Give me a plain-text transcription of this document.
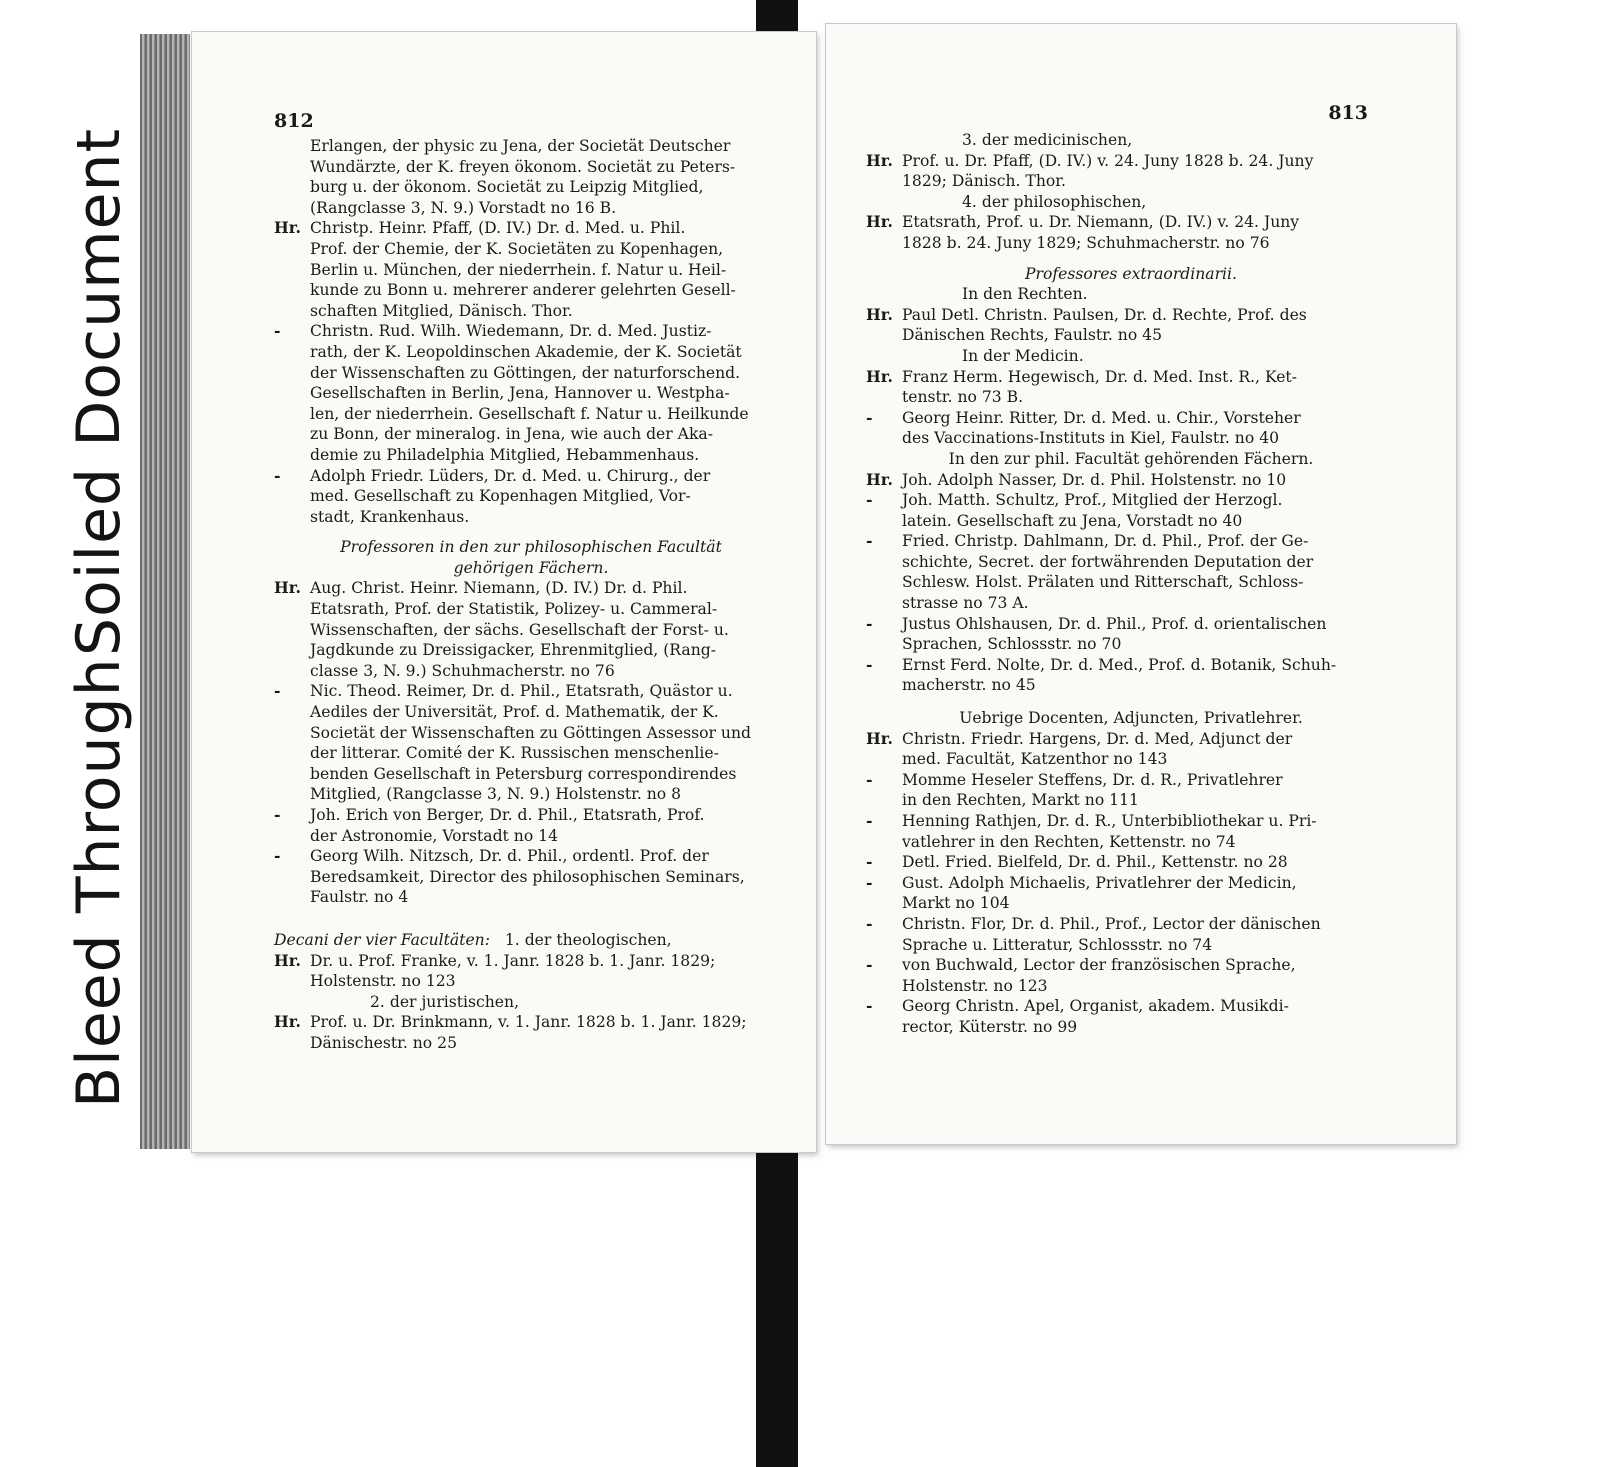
Bleed Through
Soiled Document
812
Erlangen, der physic zu Jena, der Societät Deutscher
Wundärzte, der K. freyen ökonom. Societät zu Peters-
burg u. der ökonom. Societät zu Leipzig Mitglied,
(Rangclasse 3, N. 9.) Vorstadt no 16 B.
Hr. Christp. Heinr. Pfaff, (D. IV.) Dr. d. Med. u. Phil.
Prof. der Chemie, der K. Societäten zu Kopenhagen,
Berlin u. München, der niederrhein. f. Natur u. Heil-
kunde zu Bonn u. mehrerer anderer gelehrten Gesell-
schaften Mitglied, Dänisch. Thor.
- Christn. Rud. Wilh. Wiedemann, Dr. d. Med. Justiz-
rath, der K. Leopoldinschen Akademie, der K. Societät
der Wissenschaften zu Göttingen, der naturforschend.
Gesellschaften in Berlin, Jena, Hannover u. Westpha-
len, der niederrhein. Gesellschaft f. Natur u. Heilkunde
zu Bonn, der mineralog. in Jena, wie auch der Aka-
demie zu Philadelphia Mitglied, Hebammenhaus.
- Adolph Friedr. Lüders, Dr. d. Med. u. Chirurg., der
med. Gesellschaft zu Kopenhagen Mitglied, Vor-
stadt, Krankenhaus.
Professoren in den zur philosophischen Facultät
gehörigen Fächern.
Hr. Aug. Christ. Heinr. Niemann, (D. IV.) Dr. d. Phil.
Etatsrath, Prof. der Statistik, Polizey- u. Cammeral-
Wissenschaften, der sächs. Gesellschaft der Forst- u.
Jagdkunde zu Dreissigacker, Ehrenmitglied, (Rang-
classe 3, N. 9.) Schuhmacherstr. no 76
- Nic. Theod. Reimer, Dr. d. Phil., Etatsrath, Quästor u.
Aediles der Universität, Prof. d. Mathematik, der K.
Societät der Wissenschaften zu Göttingen Assessor und
der litterar. Comité der K. Russischen menschenlie-
benden Gesellschaft in Petersburg correspondirendes
Mitglied, (Rangclasse 3, N. 9.) Holstenstr. no 8
- Joh. Erich von Berger, Dr. d. Phil., Etatsrath, Prof.
der Astronomie, Vorstadt no 14
- Georg Wilh. Nitzsch, Dr. d. Phil., ordentl. Prof. der
Beredsamkeit, Director des philosophischen Seminars,
Faulstr. no 4
Decani der vier Facultäten: 1. der theologischen,
Hr. Dr. u. Prof. Franke, v. 1. Janr. 1828 b. 1. Janr. 1829;
Holstenstr. no 123
2. der juristischen,
Hr. Prof. u. Dr. Brinkmann, v. 1. Janr. 1828 b. 1. Janr. 1829;
Dänischestr. no 25
813
3. der medicinischen,
Hr. Prof. u. Dr. Pfaff, (D. IV.) v. 24. Juny 1828 b. 24. Juny
1829; Dänisch. Thor.
4. der philosophischen,
Hr. Etatsrath, Prof. u. Dr. Niemann, (D. IV.) v. 24. Juny
1828 b. 24. Juny 1829; Schuhmacherstr. no 76
Professores extraordinarii.
In den Rechten.
Hr. Paul Detl. Christn. Paulsen, Dr. d. Rechte, Prof. des
Dänischen Rechts, Faulstr. no 45
In der Medicin.
Hr. Franz Herm. Hegewisch, Dr. d. Med. Inst. R., Ket-
tenstr. no 73 B.
- Georg Heinr. Ritter, Dr. d. Med. u. Chir., Vorsteher
des Vaccinations-Instituts in Kiel, Faulstr. no 40
In den zur phil. Facultät gehörenden Fächern.
Hr. Joh. Adolph Nasser, Dr. d. Phil. Holstenstr. no 10
- Joh. Matth. Schultz, Prof., Mitglied der Herzogl.
latein. Gesellschaft zu Jena, Vorstadt no 40
- Fried. Christp. Dahlmann, Dr. d. Phil., Prof. der Ge-
schichte, Secret. der fortwährenden Deputation der
Schlesw. Holst. Prälaten und Ritterschaft, Schloss-
strasse no 73 A.
- Justus Ohlshausen, Dr. d. Phil., Prof. d. orientalischen
Sprachen, Schlossstr. no 70
- Ernst Ferd. Nolte, Dr. d. Med., Prof. d. Botanik, Schuh-
macherstr. no 45
Uebrige Docenten, Adjuncten, Privatlehrer.
Hr. Christn. Friedr. Hargens, Dr. d. Med, Adjunct der
med. Facultät, Katzenthor no 143
- Momme Heseler Steffens, Dr. d. R., Privatlehrer
in den Rechten, Markt no 111
- Henning Rathjen, Dr. d. R., Unterbibliothekar u. Pri-
vatlehrer in den Rechten, Kettenstr. no 74
- Detl. Fried. Bielfeld, Dr. d. Phil., Kettenstr. no 28
- Gust. Adolph Michaelis, Privatlehrer der Medicin,
Markt no 104
- Christn. Flor, Dr. d. Phil., Prof., Lector der dänischen
Sprache u. Litteratur, Schlossstr. no 74
- von Buchwald, Lector der französischen Sprache,
Holstenstr. no 123
- Georg Christn. Apel, Organist, akadem. Musikdi-
rector, Küterstr. no 99
